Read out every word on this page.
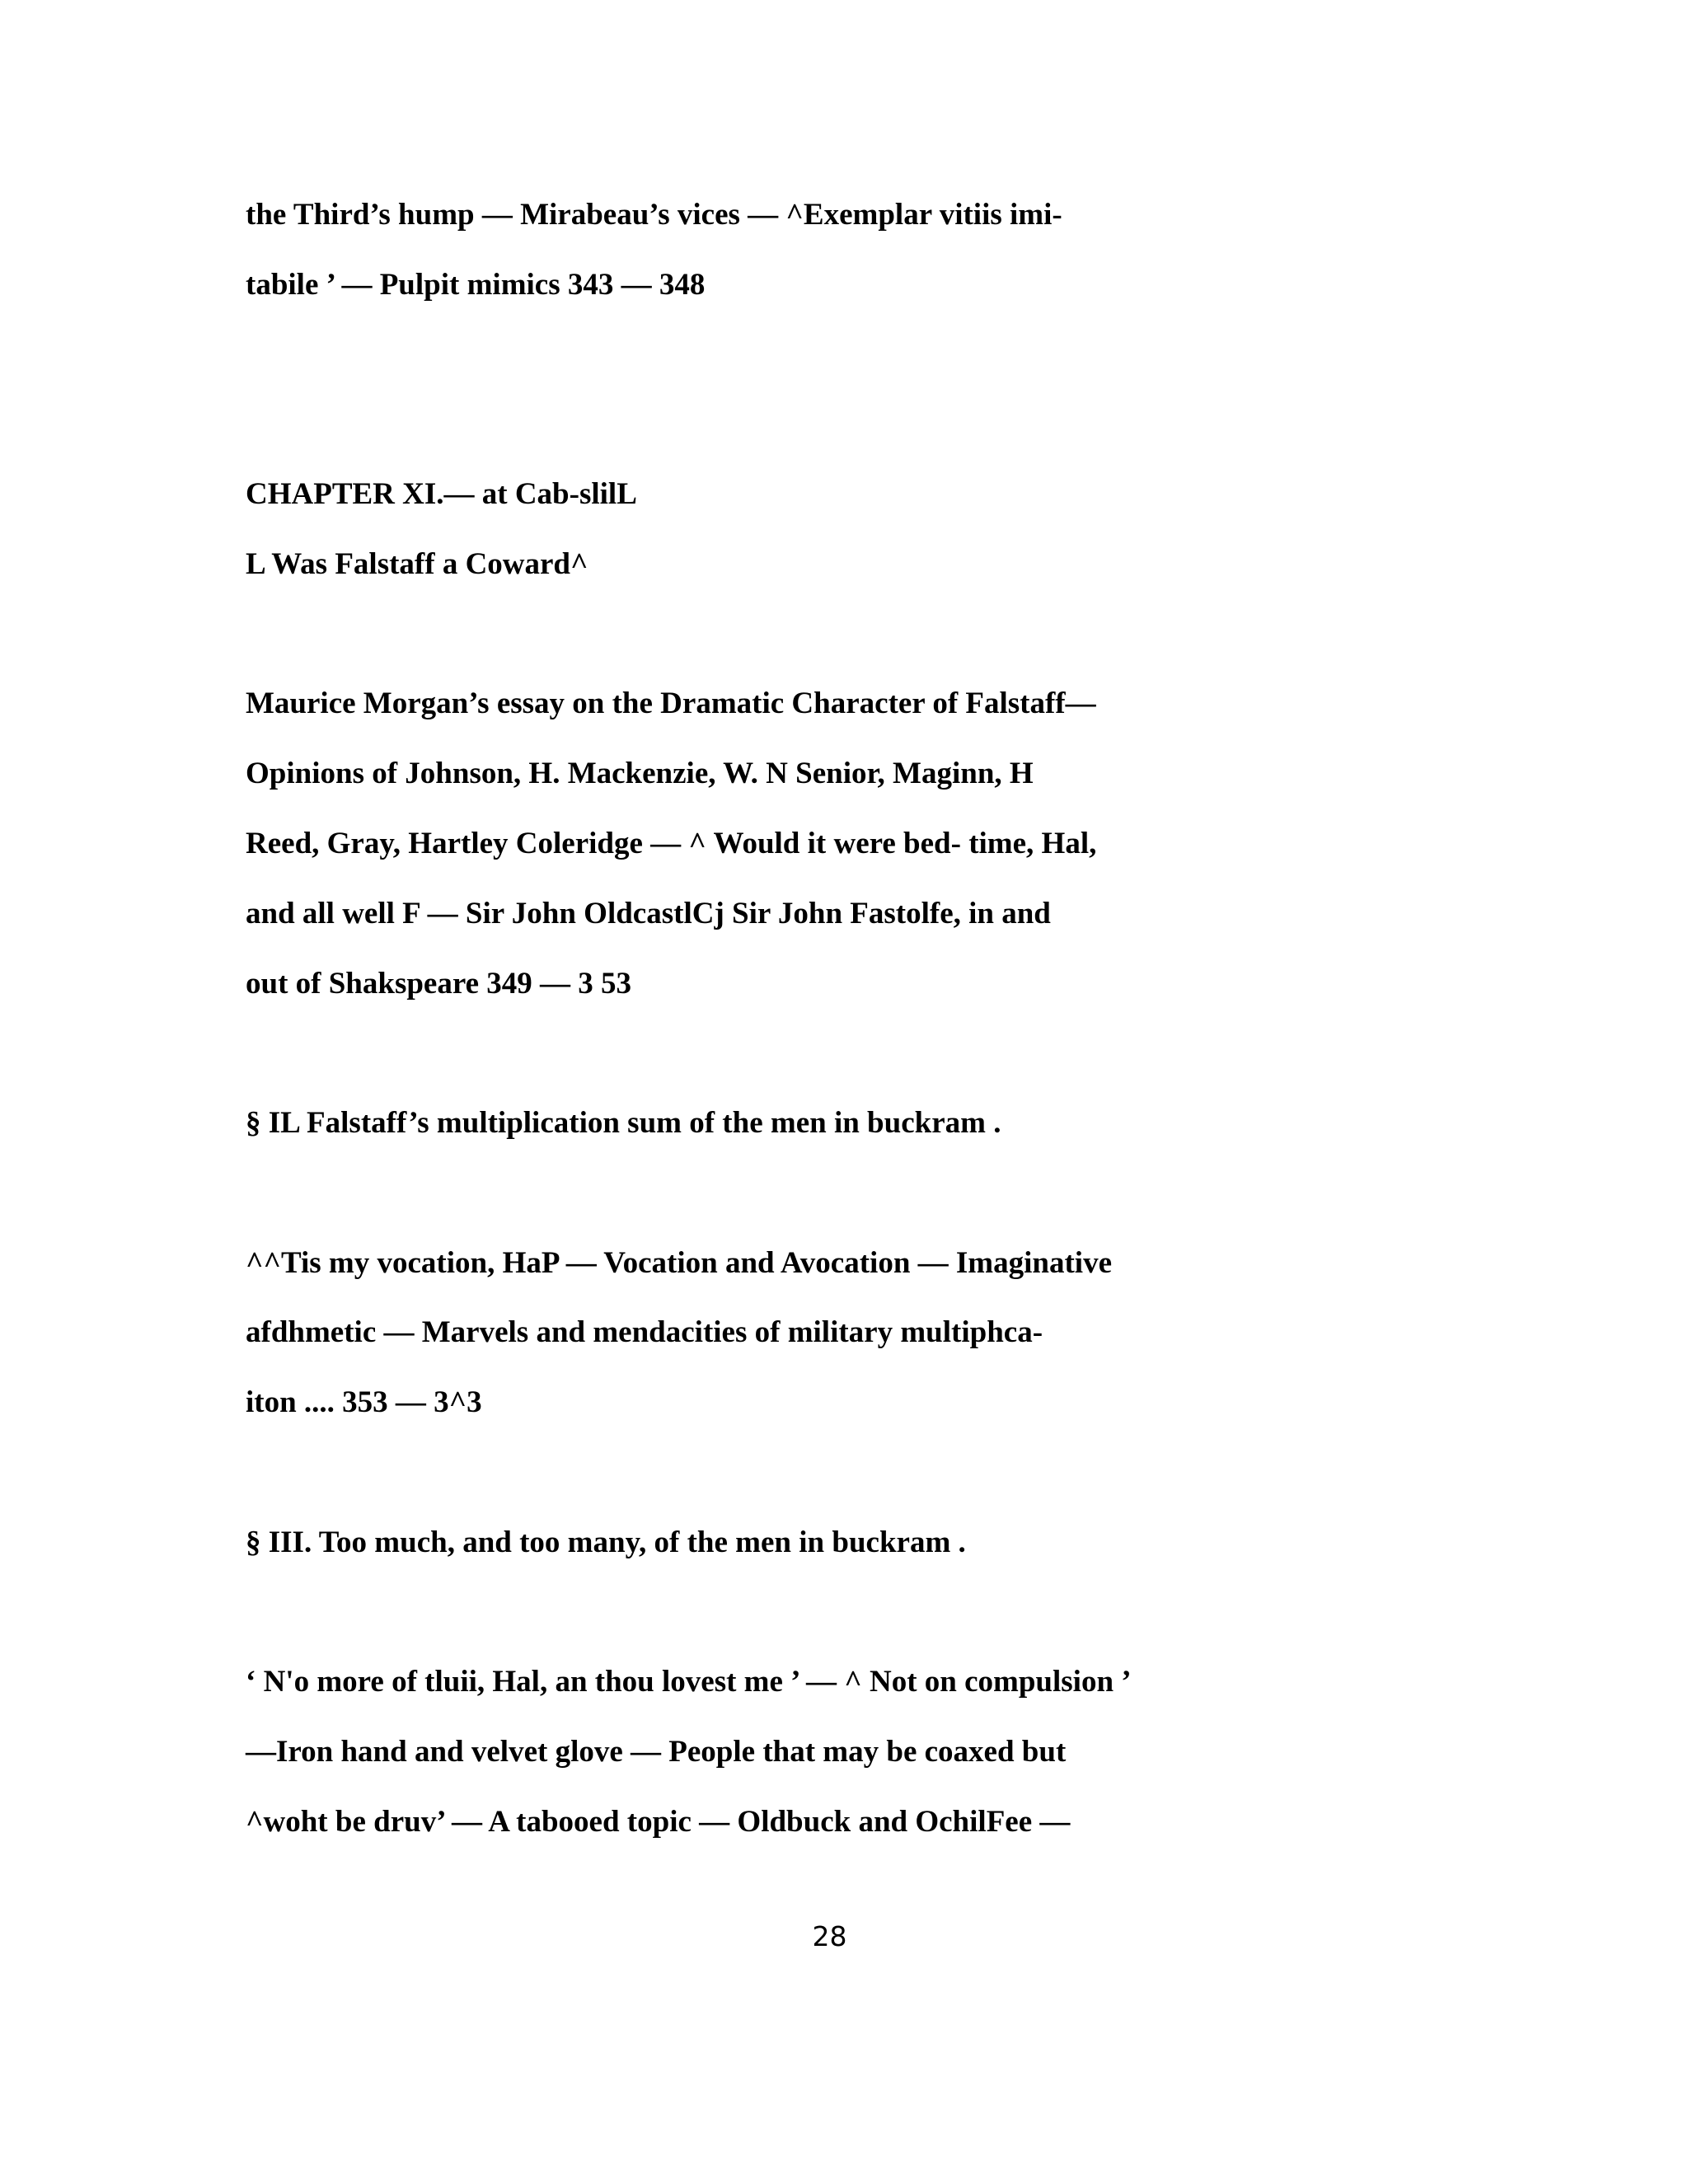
the Third’s hump — Mirabeau’s vices — ^Exemplar vitiis imi-
tabile ’ — Pulpit mimics 343 — 348
CHAPTER XI.— at Cab-slilL
L Was Falstaff a Coward^
Maurice Morgan’s essay on the Dramatic Character of Falstaff—
Opinions of Johnson, H. Mackenzie, W. N Senior, Maginn, H
Reed, Gray, Hartley Coleridge — ^ Would it were bed- time, Hal,
and all well F — Sir John OldcastlCj Sir John Fastolfe, in and
out of Shakspeare 349 — 3 53
§ IL Falstaff’s multiplication sum of the men in buckram .
^^Tis my vocation, HaP — Vocation and Avocation — Imaginative
afdhmetic — Marvels and mendacities of military multiphca-
iton .... 353 — 3^3
§ III. Too much, and too many, of the men in buckram .
‘ N'o more of tluii, Hal, an thou lovest me ’ — ^ Not on compulsion ’
—Iron hand and velvet glove — People that may be coaxed but
^woht be druv’ — A tabooed topic — Oldbuck and OchilFee —
28
